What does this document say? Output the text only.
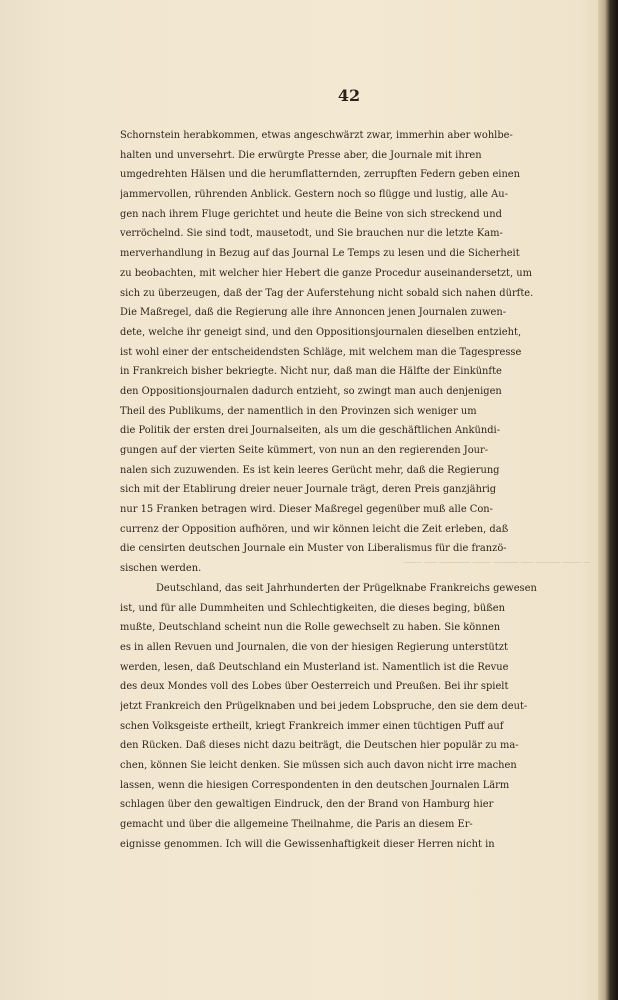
42
▔ ▔▔▔ ▔▔▔▔ ▔▔ ▔▔▔▔ ▔▔▔ ▔▔▔▔▔ ▔▔ ▔▔▔
Schornstein herabkommen, etwas angeschwärzt zwar, immerhin aber wohlbe-
halten und unversehrt. Die erwürgte Presse aber, die Journale mit ihren
umgedrehten Hälsen und die herumflatternden, zerrupften Federn geben einen
jammervollen, rührenden Anblick. Gestern noch so flügge und lustig, alle Au-
gen nach ihrem Fluge gerichtet und heute die Beine von sich streckend und
verröchelnd. Sie sind todt, mausetodt, und Sie brauchen nur die letzte Kam-
merverhandlung in Bezug auf das Journal Le Temps zu lesen und die Sicherheit
zu beobachten, mit welcher hier Hebert die ganze Procedur auseinandersetzt, um
sich zu überzeugen, daß der Tag der Auferstehung nicht sobald sich nahen dürfte.
Die Maßregel, daß die Regierung alle ihre Annoncen jenen Journalen zuwen-
dete, welche ihr geneigt sind, und den Oppositionsjournalen dieselben entzieht,
ist wohl einer der entscheidendsten Schläge, mit welchem man die Tagespresse
in Frankreich bisher bekriegte. Nicht nur, daß man die Hälfte der Einkünfte
den Oppositionsjournalen dadurch entzieht, so zwingt man auch denjenigen
Theil des Publikums, der namentlich in den Provinzen sich weniger um
die Politik der ersten drei Journalseiten, als um die geschäftlichen Ankündi-
gungen auf der vierten Seite kümmert, von nun an den regierenden Jour-
nalen sich zuzuwenden. Es ist kein leeres Gerücht mehr, daß die Regierung
sich mit der Etablirung dreier neuer Journale trägt, deren Preis ganzjährig
nur 15 Franken betragen wird. Dieser Maßregel gegenüber muß alle Con-
currenz der Opposition aufhören, und wir können leicht die Zeit erleben, daß
die censirten deutschen Journale ein Muster von Liberalismus für die franzö-
sischen werden.
Deutschland, das seit Jahrhunderten der Prügelknabe Frankreichs gewesen
ist, und für alle Dummheiten und Schlechtigkeiten, die dieses beging, büßen
mußte, Deutschland scheint nun die Rolle gewechselt zu haben. Sie können
es in allen Revuen und Journalen, die von der hiesigen Regierung unterstützt
werden, lesen, daß Deutschland ein Musterland ist. Namentlich ist die Revue
des deux Mondes voll des Lobes über Oesterreich und Preußen. Bei ihr spielt
jetzt Frankreich den Prügelknaben und bei jedem Lobspruche, den sie dem deut-
schen Volksgeiste ertheilt, kriegt Frankreich immer einen tüchtigen Puff auf
den Rücken. Daß dieses nicht dazu beiträgt, die Deutschen hier populär zu ma-
chen, können Sie leicht denken. Sie müssen sich auch davon nicht irre machen
lassen, wenn die hiesigen Correspondenten in den deutschen Journalen Lärm
schlagen über den gewaltigen Eindruck, den der Brand von Hamburg hier
gemacht und über die allgemeine Theilnahme, die Paris an diesem Er-
eignisse genommen. Ich will die Gewissenhaftigkeit dieser Herren nicht in
